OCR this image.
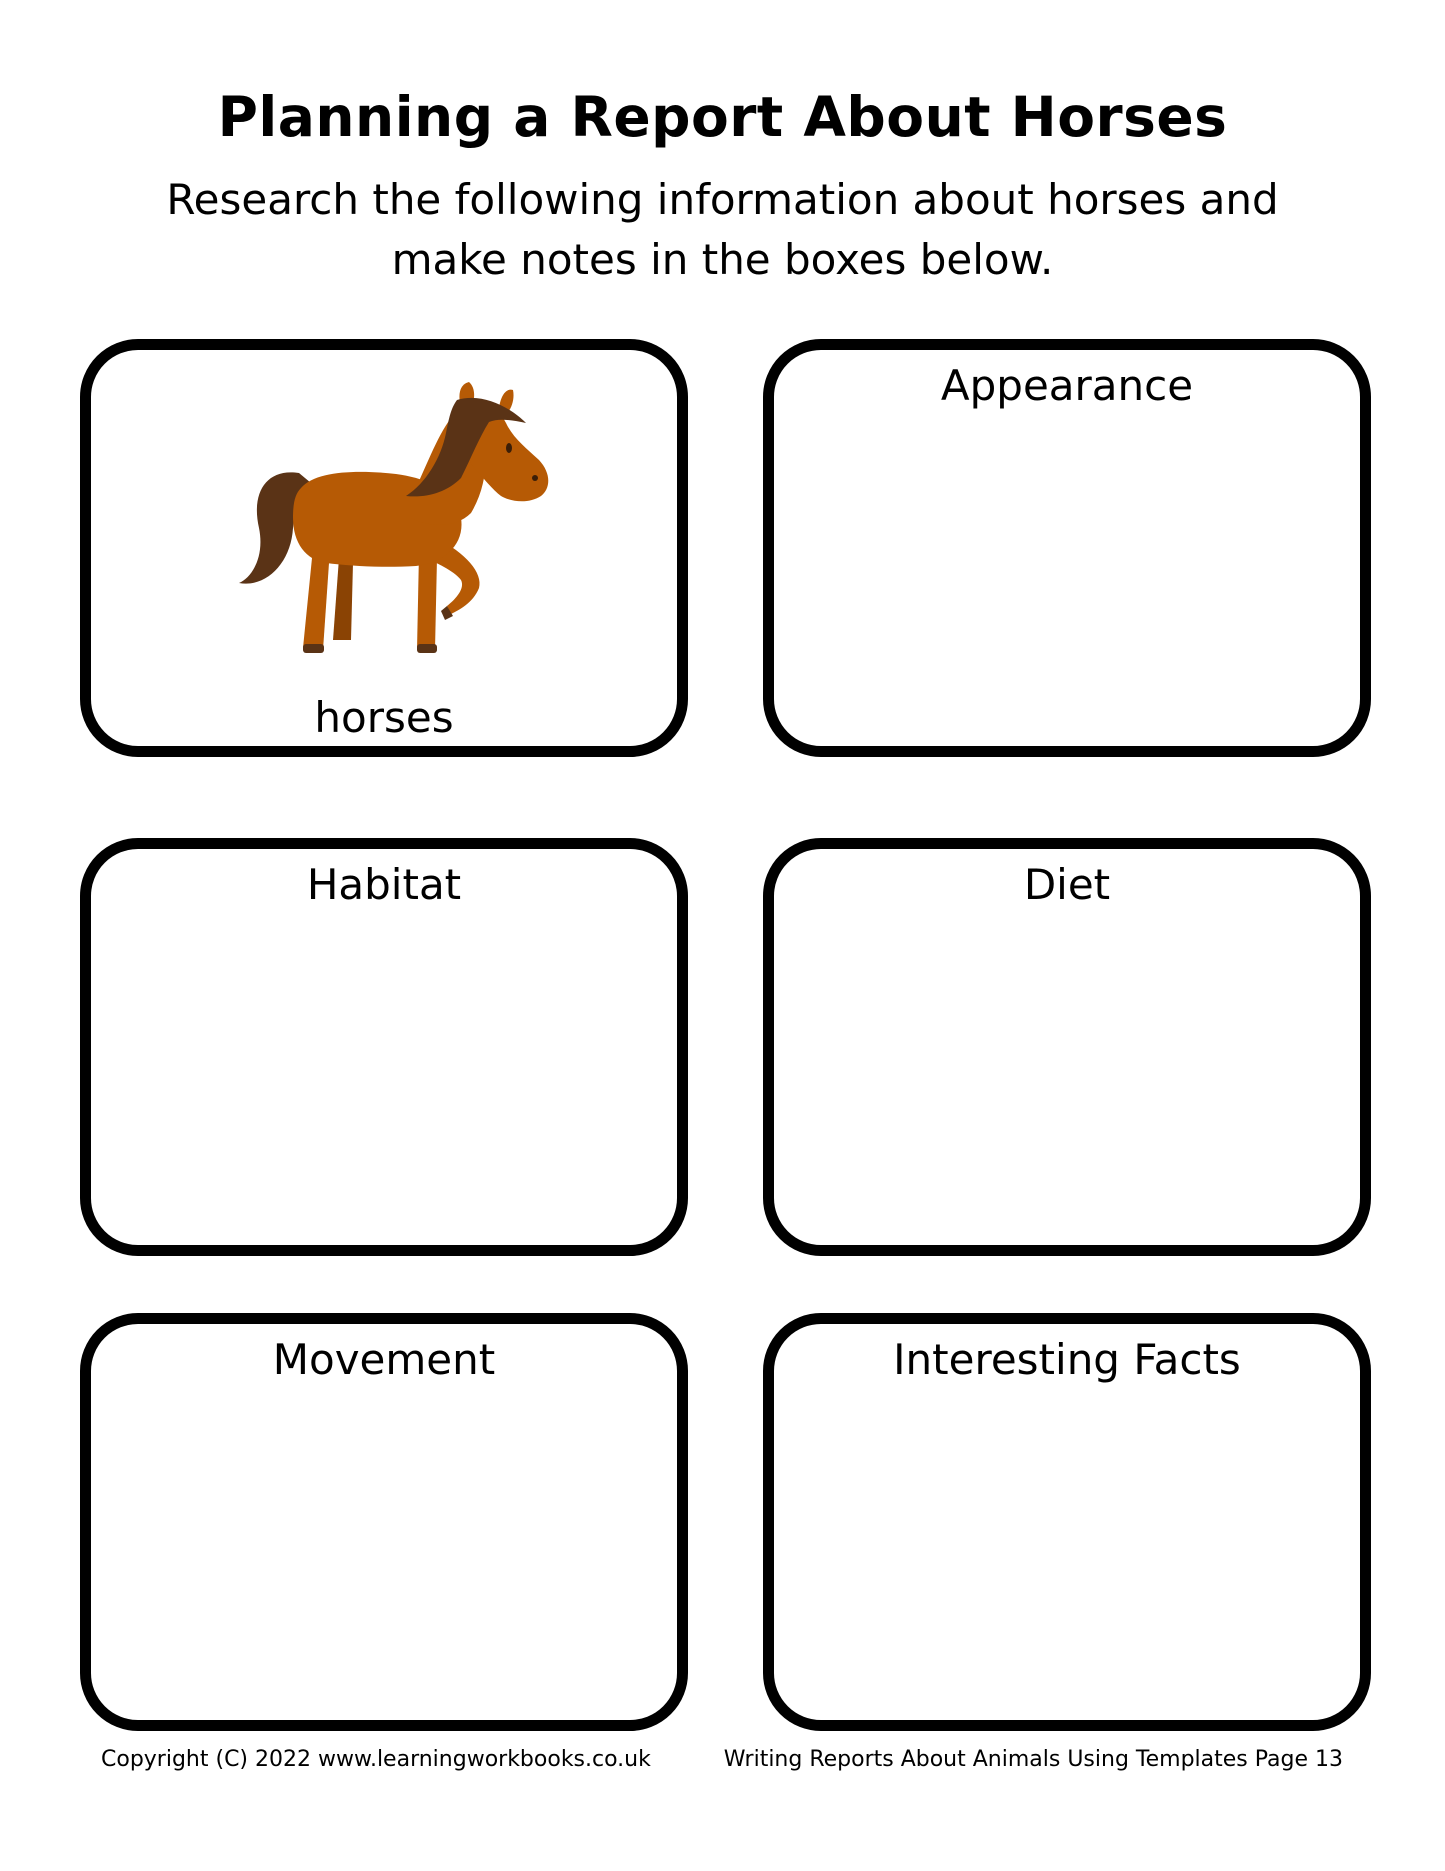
Planning a Report About Horses

Research the following information about horses and make notes in the boxes below.

horses
Appearance
Habitat	Diet
Movement	Interesting Facts
Copyright (C) 2022 www.learningworkbooks.co.uk	Writing Reports About Animals Using Templates Page 13
